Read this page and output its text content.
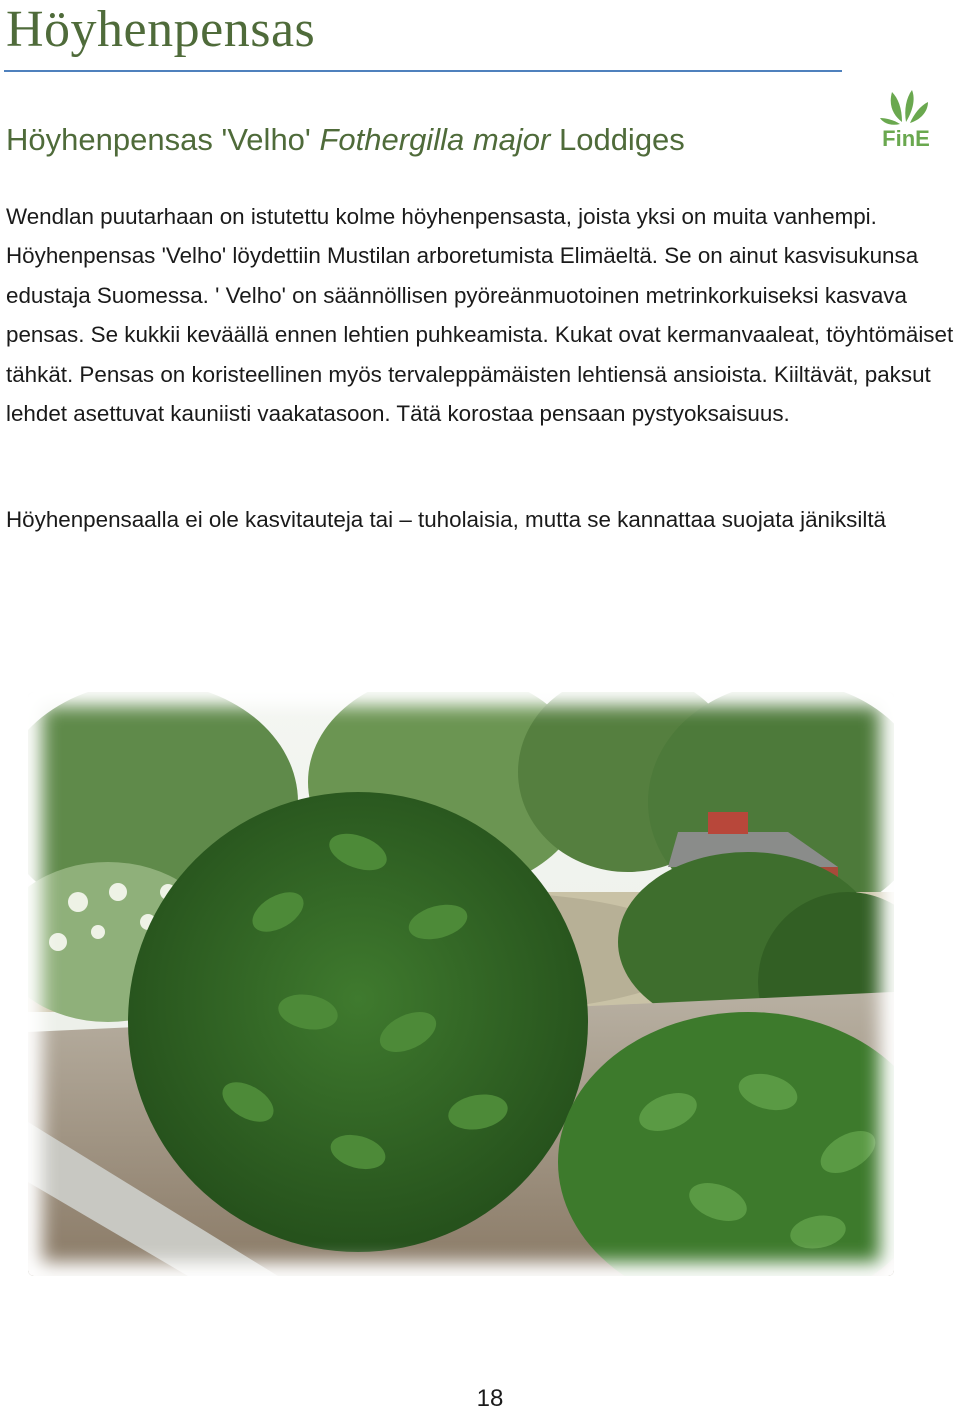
Höyhenpensas
Höyhenpensas 'Velho' Fothergilla major Loddiges	FinE

Wendlan puutarhaan on istutettu kolme höyhenpensasta, joista yksi on muita vanhempi. Höyhenpensas 'Velho' löydettiin Mustilan arboretumista Elimäeltä. Se on ainut kasvisukunsa edustaja Suomessa. ' Velho' on säännöllisen pyöreänmuotoinen metrinkorkuiseksi kasvava pensas. Se kukkii keväällä ennen lehtien puhkeamista. Kukat ovat kermanvaaleat, töyhtömäiset tähkät. Pensas on koristeellinen myös tervaleppämäisten lehtiensä ansioista. Kiiltävät, paksut lehdet asettuvat kauniisti vaakatasoon. Tätä korostaa pensaan pystyoksaisuus.

Höyhenpensaalla ei ole kasvitauteja tai – tuholaisia, mutta se kannattaa suojata jäniksiltä

18
